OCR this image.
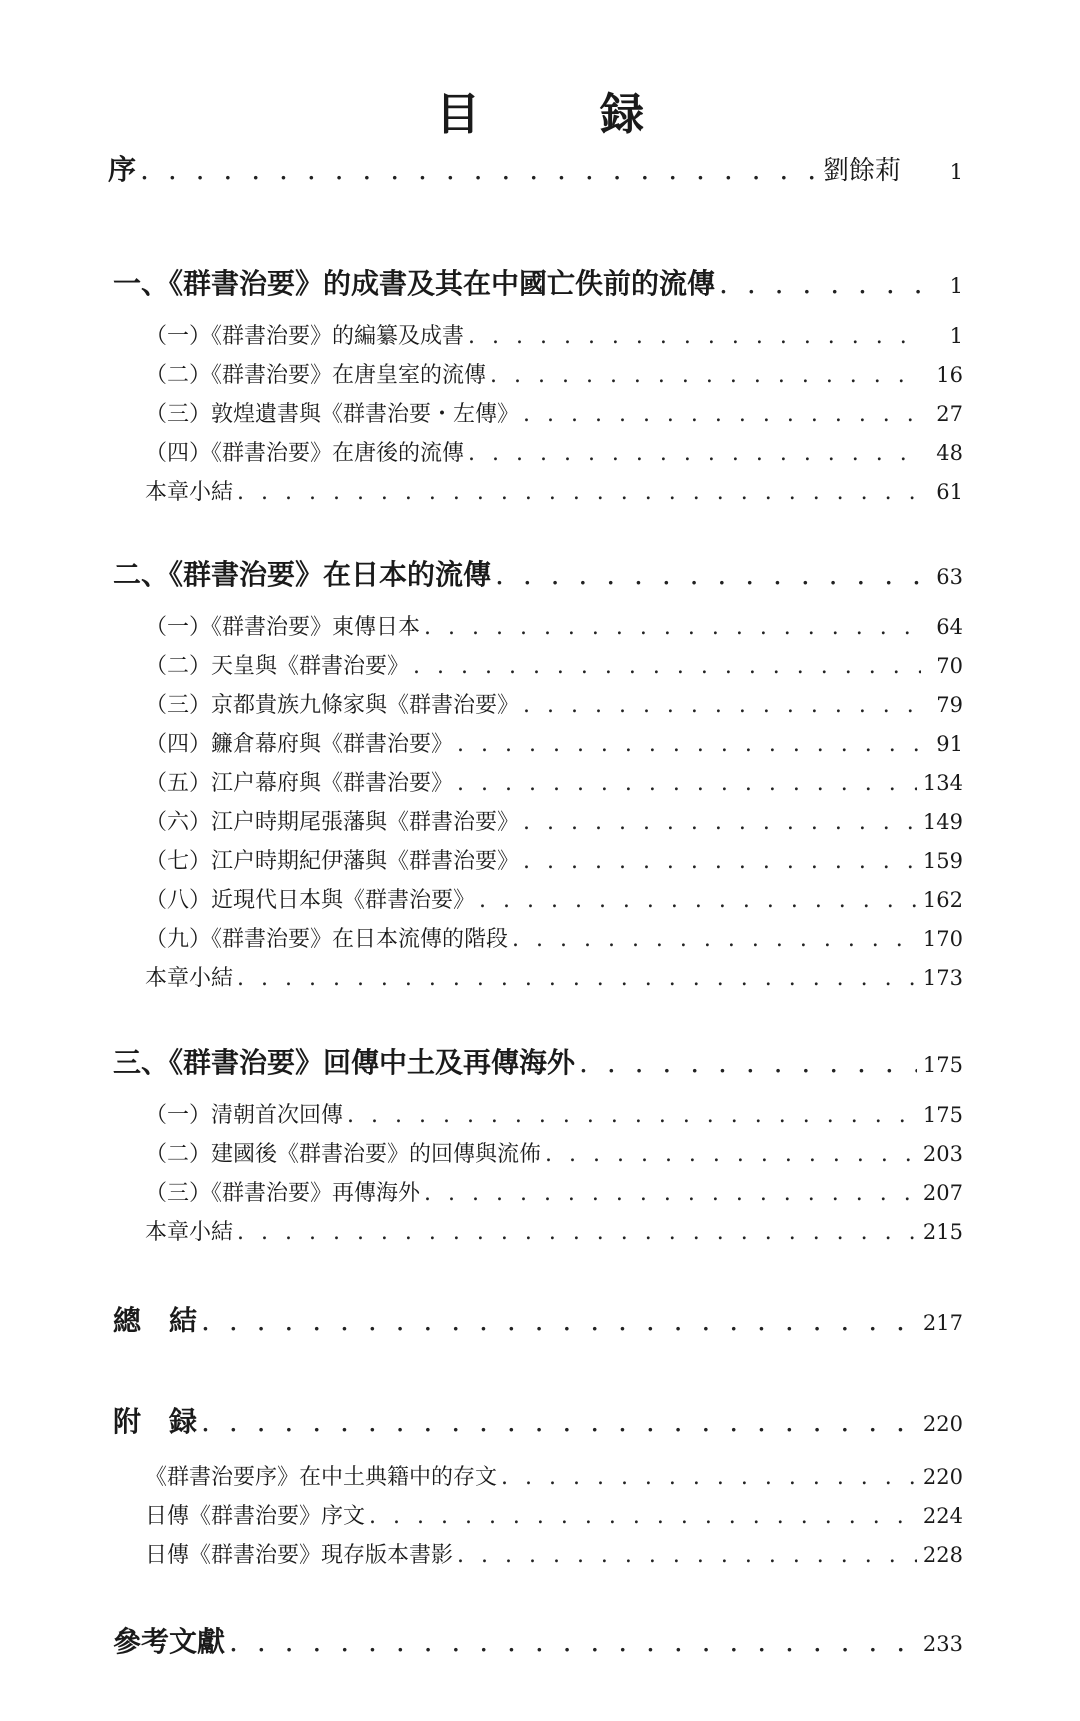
目　録
序 . . .	劉餘莉	1
一、《群書治要》的成書及其在中國亡佚前的流傳 . . .	1
（一）《群書治要》的編纂及成書 . . .	1
（二）《群書治要》在唐皇室的流傳 . . .	16
（三）敦煌遺書與《群書治要・左傳》 . . .	27
（四）《群書治要》在唐後的流傳 . . .	48
本章小結 . . .	61
二、《群書治要》在日本的流傳 . . .	63
（一）《群書治要》東傳日本 . . .	64
（二）天皇與《群書治要》 . . .	70
（三）京都貴族九條家與《群書治要》 . . .	79
（四）鐮倉幕府與《群書治要》 . . .	91
（五）江户幕府與《群書治要》 . . .	134
（六）江户時期尾張藩與《群書治要》 . . .	149
（七）江户時期紀伊藩與《群書治要》 . . .	159
（八）近現代日本與《群書治要》 . . .	162
（九）《群書治要》在日本流傳的階段 . . .	170
本章小結 . . .	173
三、《群書治要》回傳中土及再傳海外 . . .	175
（一）清朝首次回傳 . . .	175
（二）建國後《群書治要》的回傳與流佈 . . .	203
（三）《群書治要》再傳海外 . . .	207
本章小結 . . .	215
總　結 . . .	217
附　録 . . .	220
《群書治要序》在中土典籍中的存文 . . .	220
日傳《群書治要》序文 . . .	224
日傳《群書治要》現存版本書影 . . .	228
參考文獻 . . .	233
